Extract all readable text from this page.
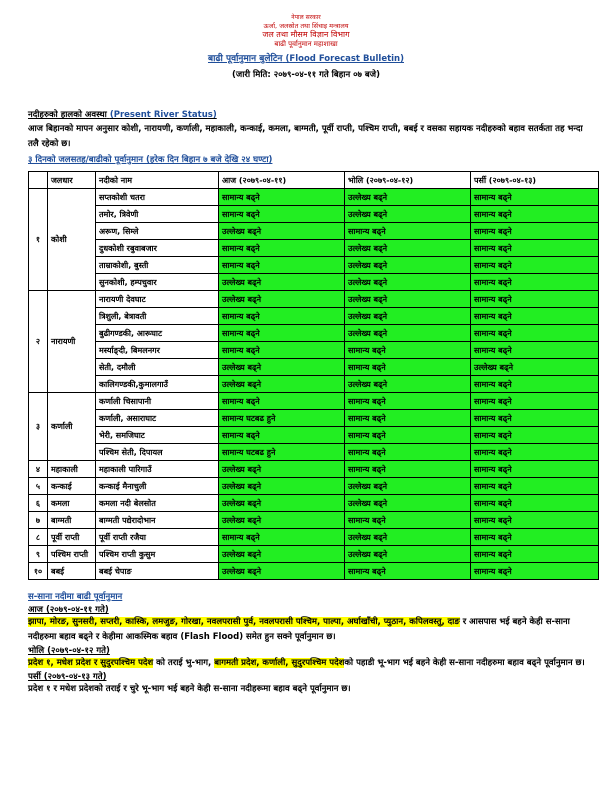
नेपाल सरकार
ऊर्जा, जलस्रोत तथा सिंचाइ मन्त्रालय
जल तथा मौसम विज्ञान विभाग
बाढी पूर्वानुमान महाशाखा
बाढी पूर्वानुमान बुलेटिन (Flood Forecast Bulletin)
(जारी मिति: २०७९-०४-११ गते बिहान ०७ बजे)
नदीहरुको हालको अवस्था (Present River Status)
आज बिहानको मापन अनुसार कोशी, नारायणी, कर्णाली, महाकाली, कन्काई, कमला, बाग्मती, पूर्वी राप्ती, पश्चिम राप्ती, बबई र वसका सहायक नदीहरुको बहाव सतर्कता तह भन्दा तलै रहेको छ।
३ दिनको जलसतह/बाढीको पूर्वानुमान (हरेक दिन बिहान ७ बजे देखि २४ घण्टा)
	जलधार	नदीको नाम	आज (२०७९-०४-११)	भोलि (२०७९-०४-१२)	पर्सी (२०७९-०४-१३)
१	कोशी	सप्तकोशी चतरा	सामान्य बढ्ने	उल्लेख्य बढ्ने	सामान्य बढ्ने
		तमोर, त्रिवेणी	सामान्य बढ्ने	उल्लेख्य बढ्ने	सामान्य बढ्ने
		अरूण, सिम्ले	उल्लेख्य बढ्ने	सामान्य बढ्ने	सामान्य बढ्ने
		दुधकोशी रबुवाबजार	सामान्य बढ्ने	उल्लेख्य बढ्ने	सामान्य बढ्ने
		ताम्राकोशी, बुस्ती	सामान्य बढ्ने	उल्लेख्य बढ्ने	सामान्य बढ्ने
		सुनकोशी, हम्पचुवार	उल्लेख्य बढ्ने	उल्लेख्य बढ्ने	सामान्य बढ्ने
२	नारायणी	नारायणी देवघाट	उल्लेख्य बढ्ने	उल्लेख्य बढ्ने	सामान्य बढ्ने
		त्रिशुली, बेत्रावती	सामान्य बढ्ने	उल्लेख्य बढ्ने	सामान्य बढ्ने
		बुढीगण्डकी, आरूघाट	सामान्य बढ्ने	उल्लेख्य बढ्ने	सामान्य बढ्ने
		मर्स्याङ्दी, बिमलनगर	सामान्य बढ्ने	सामान्य बढ्ने	सामान्य बढ्ने
		सेती, दमौली	उल्लेख्य बढ्ने	सामान्य बढ्ने	उल्लेख्य बढ्ने
		कालिगण्डकी,कुमालगाउँ	उल्लेख्य बढ्ने	उल्लेख्य बढ्ने	सामान्य बढ्ने
३	कर्णाली	कर्णाली चिसापानी	सामान्य बढ्ने	सामान्य बढ्ने	सामान्य बढ्ने
		कर्णाली, असाराघाट	सामान्य घटबढ हुने	सामान्य बढ्ने	सामान्य बढ्ने
		भेरी, समजिघाट	सामान्य बढ्ने	सामान्य बढ्ने	सामान्य बढ्ने
		पश्चिम सेती, दिपायल	सामान्य घटबढ हुने	सामान्य बढ्ने	सामान्य बढ्ने
४	महाकाली	महाकाली पारिगाउँ	उल्लेख्य बढ्ने	सामान्य बढ्ने	सामान्य बढ्ने
५	कन्काई	कन्काई मैनाचुली	उल्लेख्य बढ्ने	उल्लेख्य बढ्ने	सामान्य बढ्ने
६	कमला	कमला नदी बेलसोत	उल्लेख्य बढ्ने	उल्लेख्य बढ्ने	सामान्य बढ्ने
७	बाग्मती	बाग्मती पद्येरादोभान	उल्लेख्य बढ्ने	सामान्य बढ्ने	सामान्य बढ्ने
८	पूर्वी राप्ती	पूर्वी राप्ती रजैया	सामान्य बढ्ने	उल्लेख्य बढ्ने	सामान्य बढ्ने
९	पश्चिम राप्ती	पश्चिम राप्ती कुसुम	उल्लेख्य बढ्ने	उल्लेख्य बढ्ने	सामान्य बढ्ने
१०	बबई	बबई चेपाङ	उल्लेख्य बढ्ने	सामान्य बढ्ने	सामान्य बढ्ने
स-साना नदीमा बाढी पूर्वानुमान
आज (२०७९-०४-११ गते)
झापा, मोरङ, सुनसरी, सप्तरी, कास्कि, लमजुङ, गोरखा, नवलपरासी पुर्व, नवलपरासी पश्चिम, पाल्पा, अर्घाखाँची, प्युठान, कपिलवस्तु, दाङ र आसपास भई बहने केही स-साना नदीहरुमा बहाव बढ्ने र केहीमा आकस्मिक बहाव (Flash Flood) समेत हुन सक्ने पूर्वानुमान छ।
भोलि (२०७९-०४-१२ गते)
प्रदेश १, मधेश प्रदेश र सुदुरपश्चिम पदेश को तराई भु-भाग, बागमती प्रदेश, कर्णाली, सुदुरपश्चिम पदेशको पहाडी भू-भाग भई बहने केही स-साना नदीहरुमा बहाव बढ्ने पूर्वानुमान छ।
पर्सी (२०७९-०४-१३ गते)
प्रदेश १ र मधेश प्रदेशको तराई र चुरे भू-भाग भई बहने केही स-साना नदीहरूमा बहाव बढ्ने पूर्वानुमान छ।
